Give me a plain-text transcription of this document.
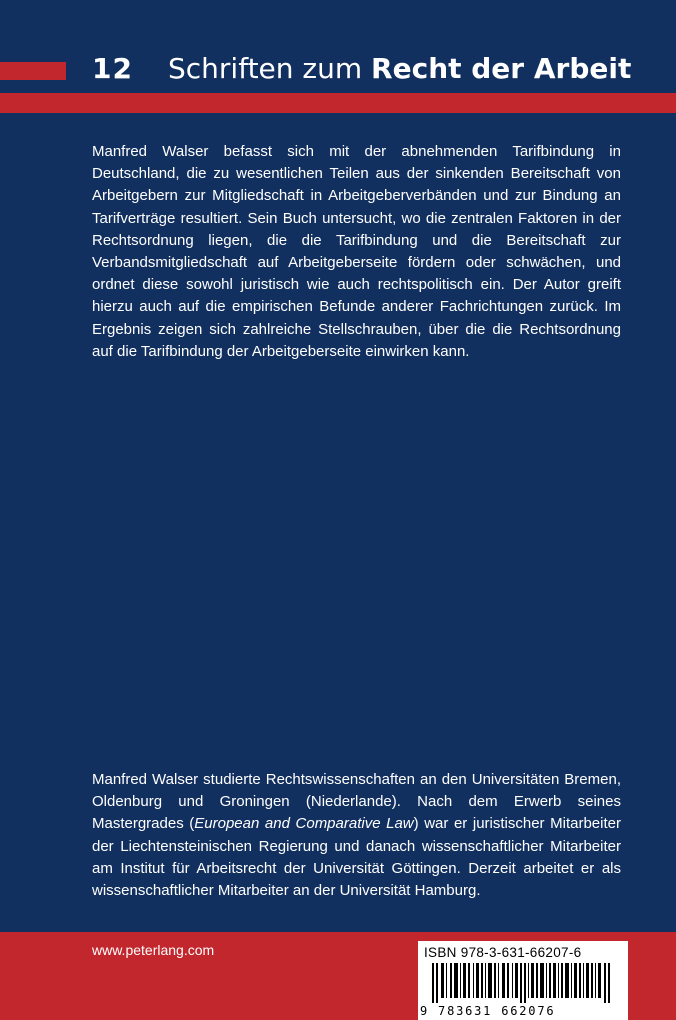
12 Schriften zum Recht der Arbeit

Manfred Walser befasst sich mit der abnehmenden Tarifbindung in Deutschland, die zu wesentlichen Teilen aus der sinkenden Bereitschaft von Arbeitgebern zur Mitgliedschaft in Arbeitgeberverbänden und zur Bindung an Tarifverträge resultiert. Sein Buch untersucht, wo die zentralen Faktoren in der Rechtsordnung liegen, die die Tarifbindung und die Bereitschaft zur Verbandsmitgliedschaft auf Arbeitgeberseite fördern oder schwächen, und ordnet diese sowohl juristisch wie auch rechtspolitisch ein. Der Autor greift hierzu auch auf die empirischen Befunde anderer Fachrichtungen zurück. Im Ergebnis zeigen sich zahlreiche Stellschrauben, über die die Rechtsordnung auf die Tarifbindung der Arbeitgeberseite einwirken kann.

Manfred Walser studierte Rechtswissenschaften an den Universitäten Bremen, Oldenburg und Groningen (Niederlande). Nach dem Erwerb seines Mastergrades (European and Comparative Law) war er juristischer Mitarbeiter der Liechtensteinischen Regierung und danach wissenschaftlicher Mitarbeiter am Institut für Arbeitsrecht der Universität Göttingen. Derzeit arbeitet er als wissenschaftlicher Mitarbeiter an der Universität Hamburg.

www.peterlang.com	ISBN 978-3-631-66207-6
9 783631 662076
